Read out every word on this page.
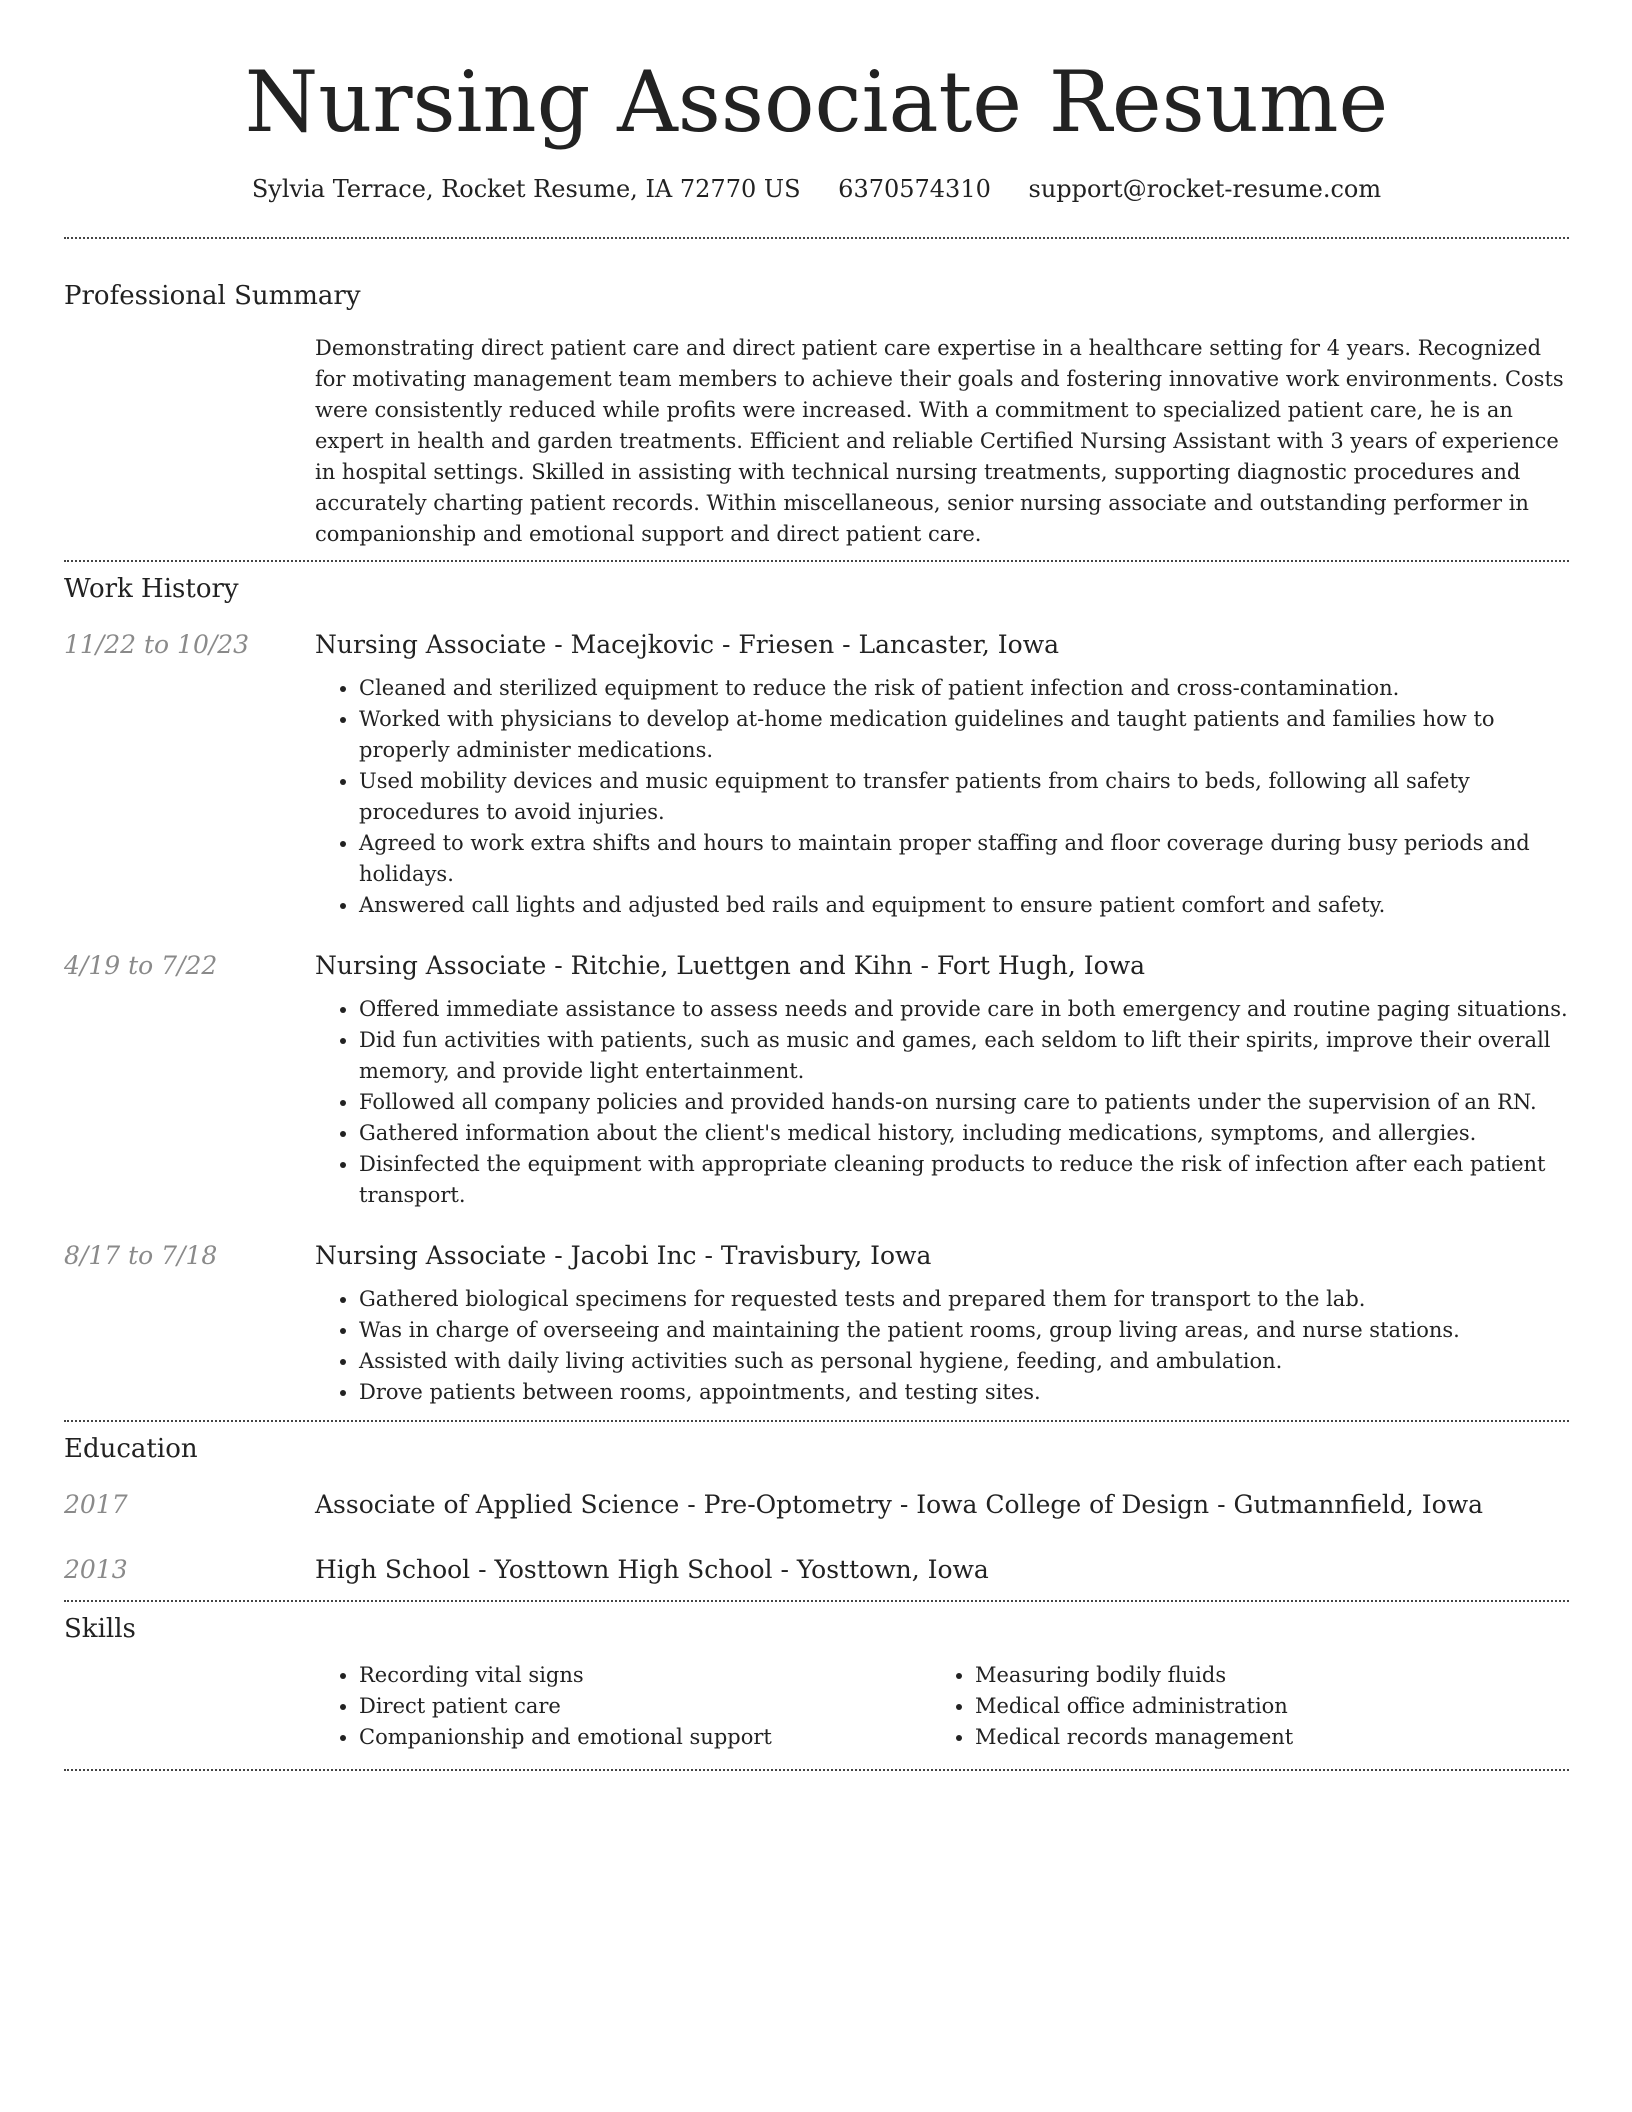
Nursing Associate Resume
Sylvia Terrace, Rocket Resume, IA 72770 US 6370574310 support@rocket-resume.com
Professional Summary

Demonstrating direct patient care and direct patient care expertise in a healthcare setting for 4 years. Recognized for motivating management team members to achieve their goals and fostering innovative work environments. Costs were consistently reduced while profits were increased. With a commitment to specialized patient care, he is an expert in health and garden treatments. Efficient and reliable Certified Nursing Assistant with 3 years of experience in hospital settings. Skilled in assisting with technical nursing treatments, supporting diagnostic procedures and accurately charting patient records. Within miscellaneous, senior nursing associate and outstanding performer in companionship and emotional support and direct patient care.

Work History
11/22 to 10/23	Nursing Associate - Macejkovic - Friesen - Lancaster, Iowa
• Cleaned and sterilized equipment to reduce the risk of patient infection and cross-contamination.
• Worked with physicians to develop at-home medication guidelines and taught patients and families how to properly administer medications.
• Used mobility devices and music equipment to transfer patients from chairs to beds, following all safety procedures to avoid injuries.
• Agreed to work extra shifts and hours to maintain proper staffing and floor coverage during busy periods and holidays.
• Answered call lights and adjusted bed rails and equipment to ensure patient comfort and safety.
4/19 to 7/22	Nursing Associate - Ritchie, Luettgen and Kihn - Fort Hugh, Iowa
• Offered immediate assistance to assess needs and provide care in both emergency and routine paging situations.
• Did fun activities with patients, such as music and games, each seldom to lift their spirits, improve their overall memory, and provide light entertainment.
• Followed all company policies and provided hands-on nursing care to patients under the supervision of an RN.
• Gathered information about the client's medical history, including medications, symptoms, and allergies.
• Disinfected the equipment with appropriate cleaning products to reduce the risk of infection after each patient transport.
8/17 to 7/18	Nursing Associate - Jacobi Inc - Travisbury, Iowa
• Gathered biological specimens for requested tests and prepared them for transport to the lab.
• Was in charge of overseeing and maintaining the patient rooms, group living areas, and nurse stations.
• Assisted with daily living activities such as personal hygiene, feeding, and ambulation.
• Drove patients between rooms, appointments, and testing sites.
Education
2017	Associate of Applied Science - Pre-Optometry - Iowa College of Design - Gutmannfield, Iowa
2013	High School - Yosttown High School - Yosttown, Iowa
Skills
• Recording vital signs
• Direct patient care
• Companionship and emotional support
• Measuring bodily fluids
• Medical office administration
• Medical records management
